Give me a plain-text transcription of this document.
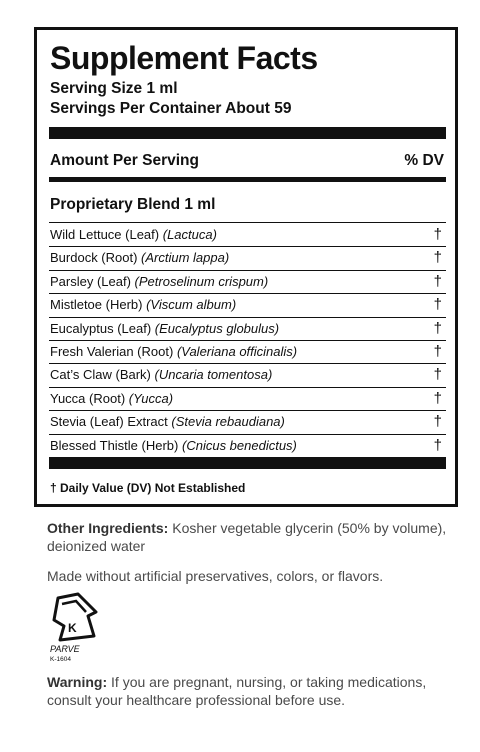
Supplement Facts
Serving Size 1 ml
Servings Per Container About 59
Amount Per Serving	% DV
Proprietary Blend 1 ml
Wild Lettuce (Leaf) (Lactuca)	†
Burdock (Root) (Arctium lappa)	†
Parsley (Leaf) (Petroselinum crispum)	†
Mistletoe (Herb) (Viscum album)	†
Eucalyptus (Leaf) (Eucalyptus globulus)	†
Fresh Valerian (Root) (Valeriana officinalis)	†
Cat’s Claw (Bark) (Uncaria tomentosa)	†
Yucca (Root) (Yucca)	†
Stevia (Leaf) Extract (Stevia rebaudiana)	†
Blessed Thistle (Herb) (Cnicus benedictus)	†
† Daily Value (DV) Not Established
Other Ingredients: Kosher vegetable glycerin (50% by volume), deionized water
Made without artificial preservatives, colors, or flavors.
K
PARVE
K-1604
Warning: If you are pregnant, nursing, or taking medications, consult your healthcare professional before use.
